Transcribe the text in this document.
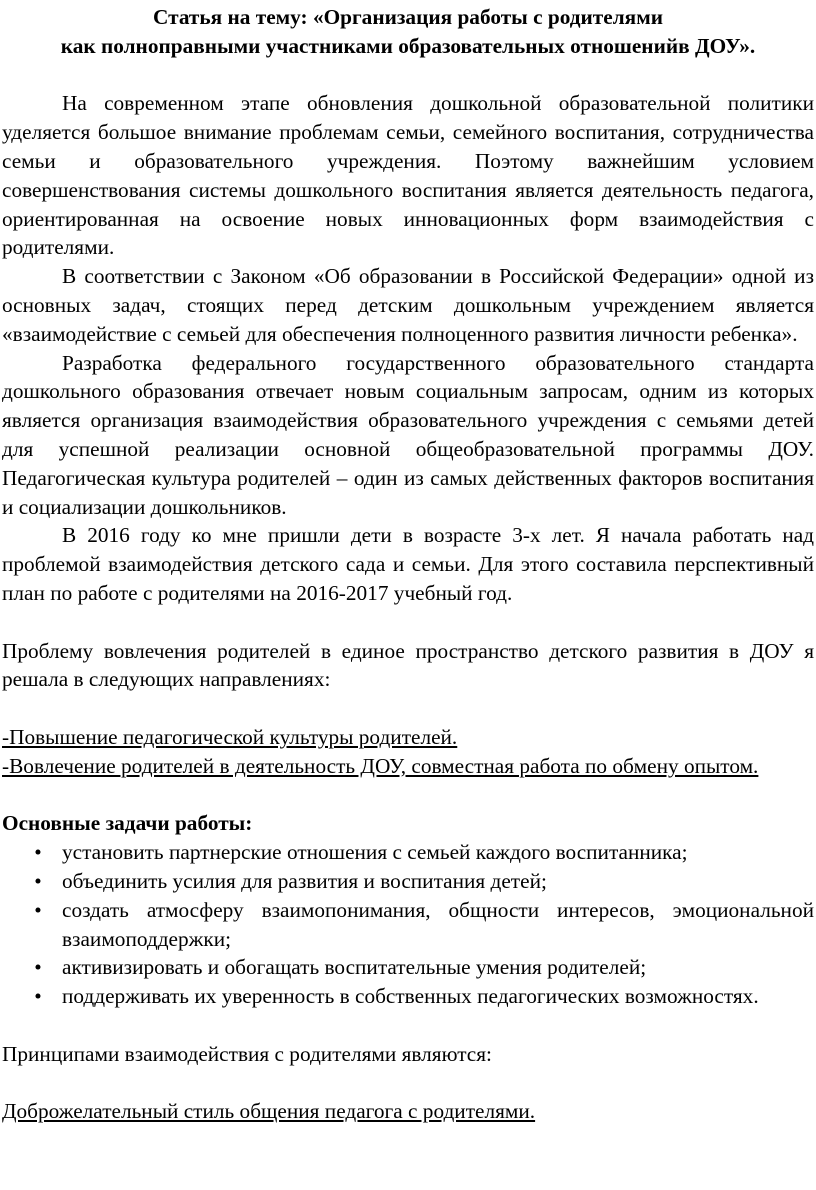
Статья на тему: «Организация работы с родителями
как полноправными участниками образовательных отношенийв ДОУ».

На современном этапе обновления дошкольной образовательной политики уделяется большое внимание проблемам семьи, семейного воспитания, сотрудничества семьи и образовательного учреждения. Поэтому важнейшим условием совершенствования системы дошкольного воспитания является деятельность педагога, ориентированная на освоение новых инновационных форм взаимодействия с родителями.

В соответствии с Законом «Об образовании в Российской Федерации» одной из основных задач, стоящих перед детским дошкольным учреждением является «взаимодействие с семьей для обеспечения полноценного развития личности ребенка».

Разработка федерального государственного образовательного стандарта дошкольного образования отвечает новым социальным запросам, одним из которых является организация взаимодействия образовательного учреждения с семьями детей для успешной реализации основной общеобразовательной программы ДОУ. Педагогическая культура родителей – один из самых действенных факторов воспитания и социализации дошкольников.

В 2016 году ко мне пришли дети в возрасте 3-х лет. Я начала работать над проблемой взаимодействия детского сада и семьи. Для этого составила перспективный план по работе с родителями на 2016-2017 учебный год.

Проблему вовлечения родителей в единое пространство детского развития в ДОУ я решала в следующих направлениях:

-Повышение педагогической культуры родителей.

-Вовлечение родителей в деятельность ДОУ, совместная работа по обмену опытом.

Основные задачи работы:

• установить партнерские отношения с семьей каждого воспитанника;
• объединить усилия для развития и воспитания детей;
• создать атмосферу взаимопонимания, общности интересов, эмоциональной взаимоподдержки;
• активизировать и обогащать воспитательные умения родителей;
• поддерживать их уверенность в собственных педагогических возможностях.

Принципами взаимодействия с родителями являются:

Доброжелательный стиль общения педагога с родителями.
